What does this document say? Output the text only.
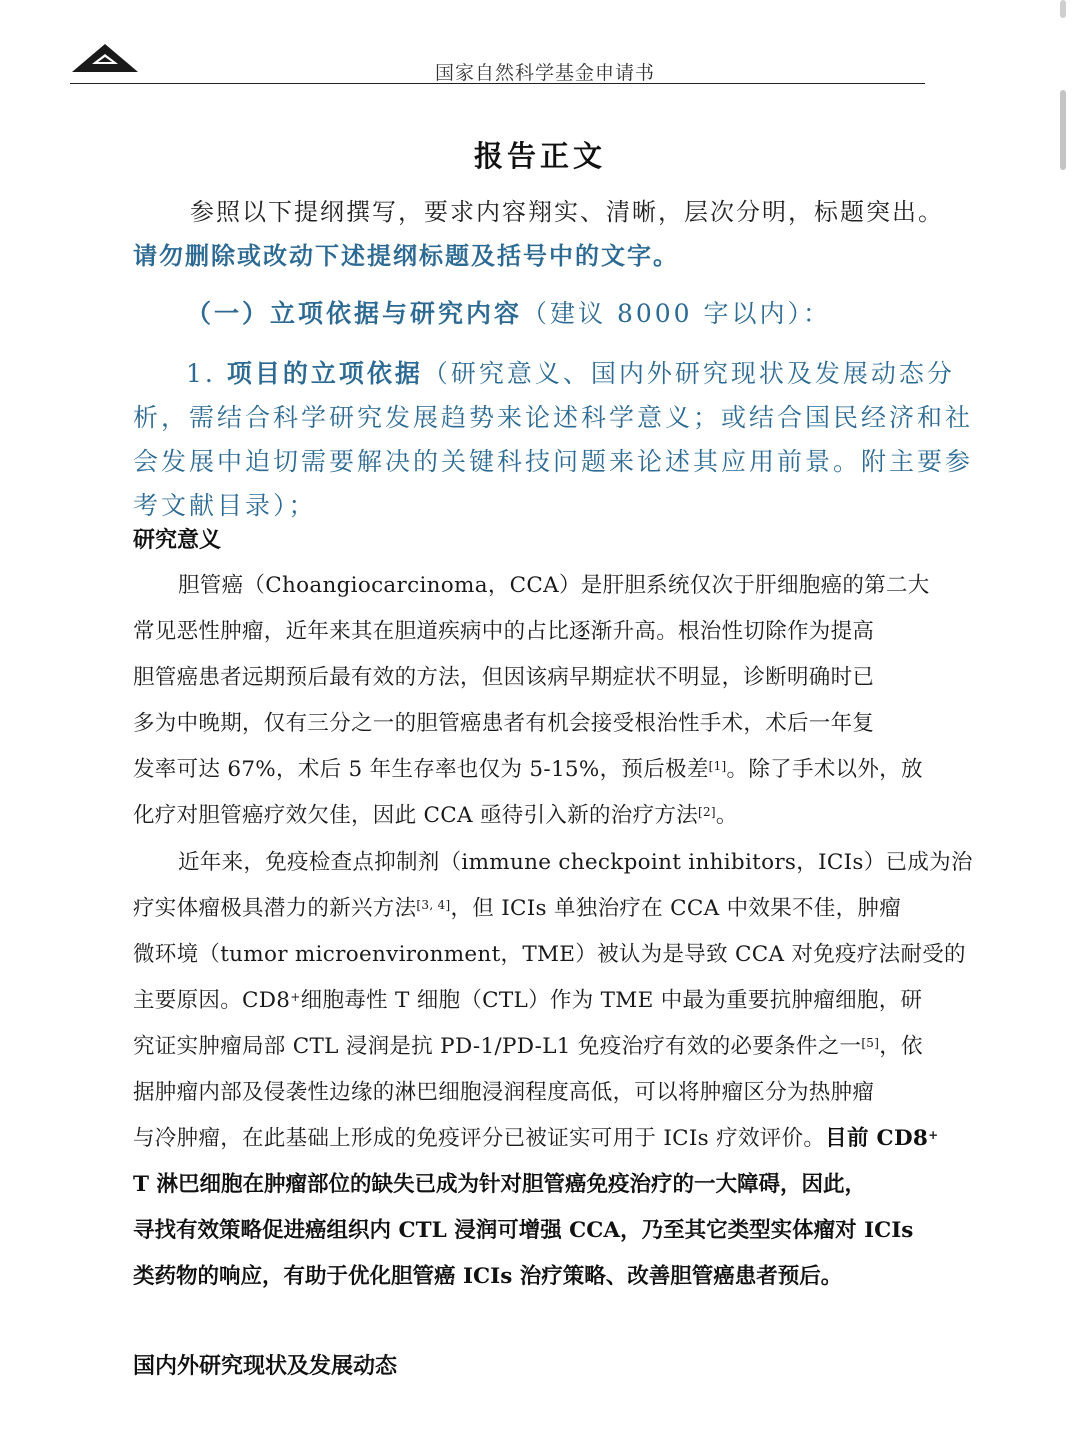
国家自然科学基金申请书
报告正文
参照以下提纲撰写，要求内容翔实、清晰，层次分明，标题突出。
请勿删除或改动下述提纲标题及括号中的文字。
（一）立项依据与研究内容（建议 8000 字以内）：
1. 项目的立项依据（研究意义、国内外研究现状及发展动态分
析，需结合科学研究发展趋势来论述科学意义；或结合国民经济和社
会发展中迫切需要解决的关键科技问题来论述其应用前景。附主要参
考文献目录）；
研究意义
胆管癌（Choangiocarcinoma，CCA）是肝胆系统仅次于肝细胞癌的第二大
常见恶性肿瘤，近年来其在胆道疾病中的占比逐渐升高。根治性切除作为提高
胆管癌患者远期预后最有效的方法，但因该病早期症状不明显，诊断明确时已
多为中晚期，仅有三分之一的胆管癌患者有机会接受根治性手术，术后一年复
发率可达 67%，术后 5 年生存率也仅为 5-15%，预后极差[1]。除了手术以外，放
化疗对胆管癌疗效欠佳，因此 CCA 亟待引入新的治疗方法[2]。
近年来，免疫检查点抑制剂（immune checkpoint inhibitors，ICIs）已成为治
疗实体瘤极具潜力的新兴方法[3, 4]，但 ICIs 单独治疗在 CCA 中效果不佳，肿瘤
微环境（tumor microenvironment，TME）被认为是导致 CCA 对免疫疗法耐受的
主要原因。CD8+细胞毒性 T 细胞（CTL）作为 TME 中最为重要抗肿瘤细胞，研
究证实肿瘤局部 CTL 浸润是抗 PD-1/PD-L1 免疫治疗有效的必要条件之一[5]，依
据肿瘤内部及侵袭性边缘的淋巴细胞浸润程度高低，可以将肿瘤区分为热肿瘤
与冷肿瘤，在此基础上形成的免疫评分已被证实可用于 ICIs 疗效评价。目前 CD8+
T 淋巴细胞在肿瘤部位的缺失已成为针对胆管癌免疫治疗的一大障碍，因此，
寻找有效策略促进癌组织内 CTL 浸润可增强 CCA，乃至其它类型实体瘤对 ICIs
类药物的响应，有助于优化胆管癌 ICIs 治疗策略、改善胆管癌患者预后。
国内外研究现状及发展动态
